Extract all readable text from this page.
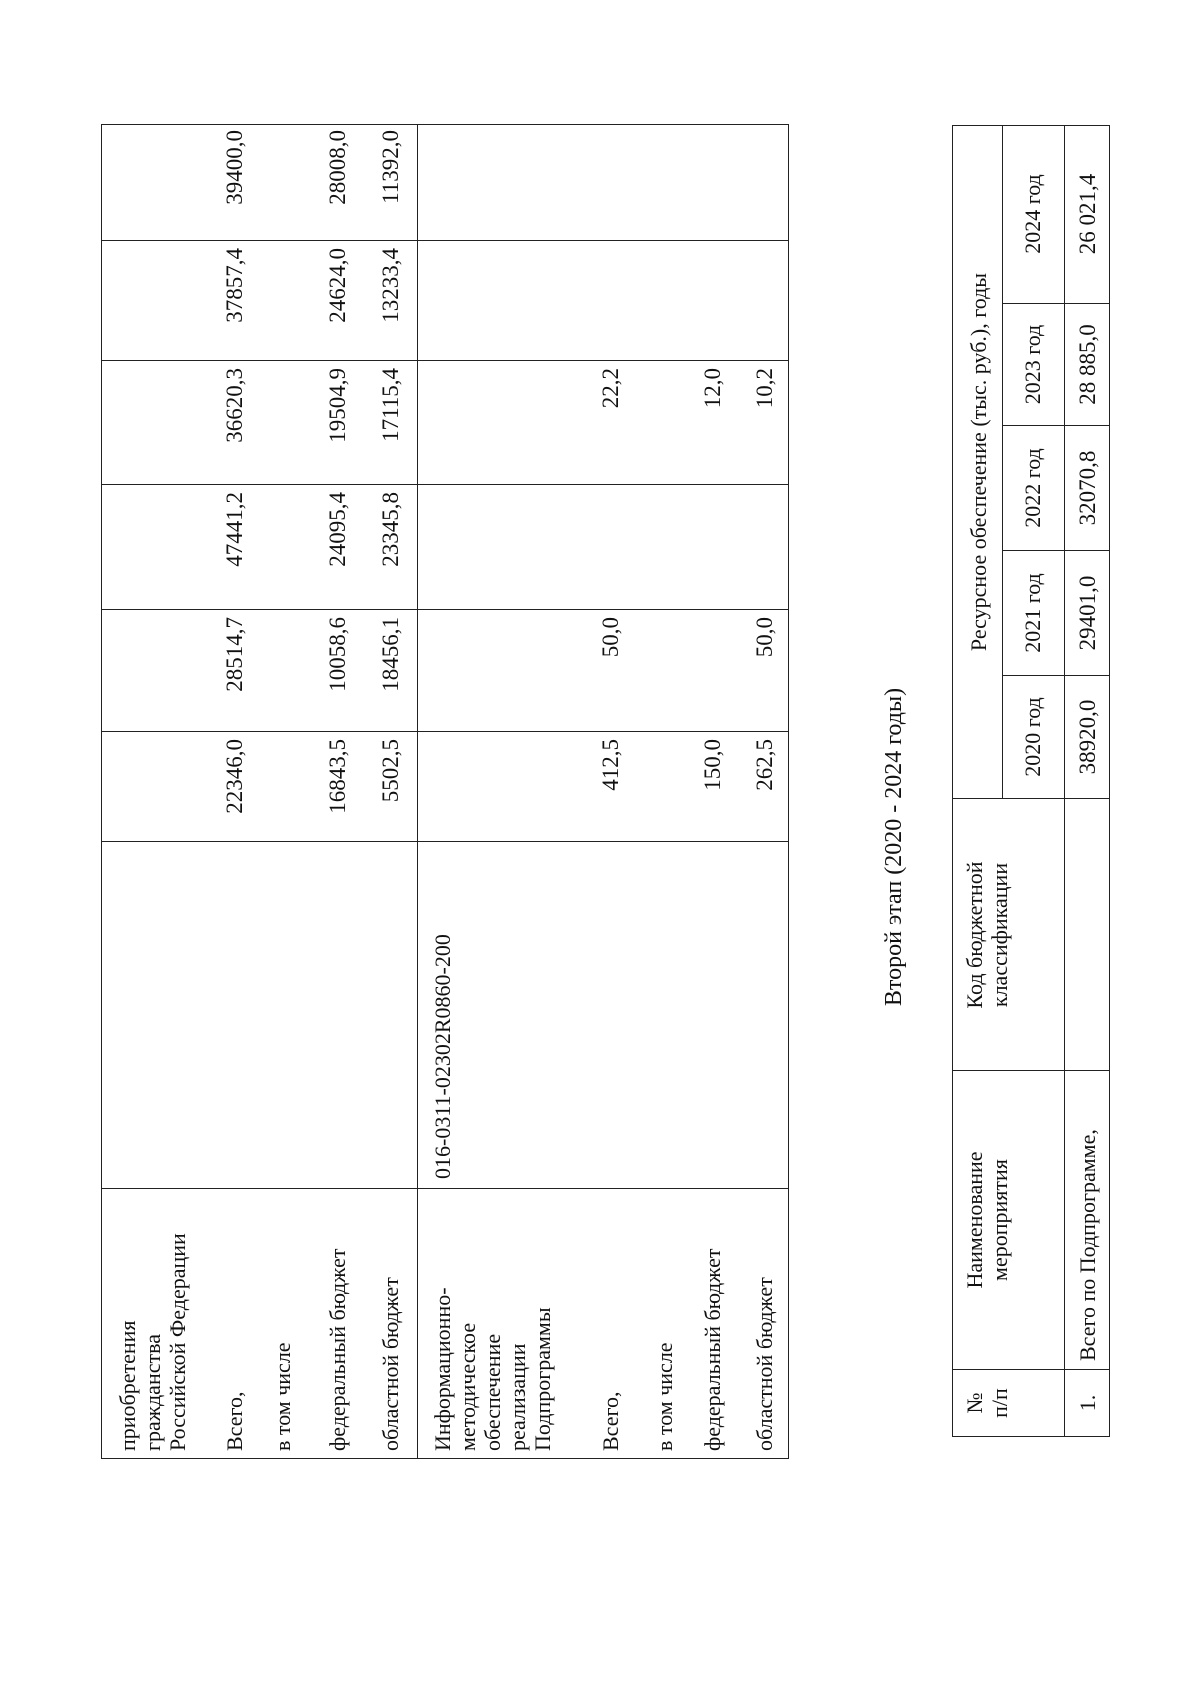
приобретения гражданства Российской Федерации Всего, в том числе федеральный бюджет областной бюджет
22346,0
28514,7
47441,2
36620,3
37857,4
39400,0
16843,5
10058,6
24095,4
19504,9
24624,0
28008,0
5502,5
18456,1
23345,8
17115,4
13233,4
11392,0
Информационно- методическое обеспечение реализации Подпрограммы
016-0311-02302R0860-200
Всего, в том числе федеральный бюджет областной бюджет
412,5
50,0
22,2
150,0
12,0
262,5
50,0
10,2
Второй этап (2020 - 2024 годы)
№ п/п
Наименование мероприятия
Код бюджетной классификации
Ресурсное обеспечение (тыс. руб.), годы
2020 год
2021 год
2022 год
2023 год
2024 год
1.
Всего по Подпрограмме,
38920,0
29401,0
32070,8
28 885,0
26 021,4
